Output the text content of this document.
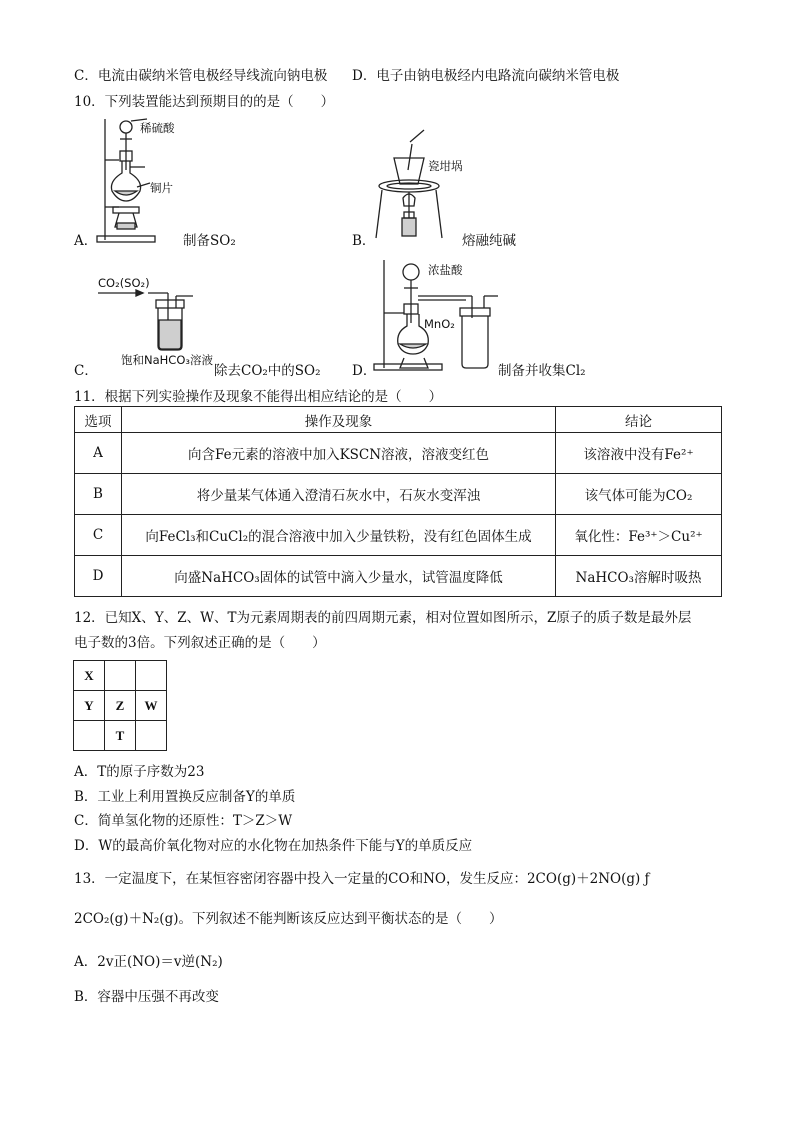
C．电流由碳纳米管电极经导线流向钠电极 D．电子由钠电极经内电路流向碳纳米管电极
10．下列装置能达到预期目的的是（　　）
稀硫酸
铜片
A．	制备SO₂
瓷坩埚
B．	熔融纯碱
CO₂(SO₂)
饱和NaHCO₃溶液
C．	除去CO₂中的SO₂
浓盐酸
MnO₂
D．	制备并收集Cl₂
11．根据下列实验操作及现象不能得出相应结论的是（　　）
选项	操作及现象	结论
A	向含Fe元素的溶液中加入KSCN溶液，溶液变红色	该溶液中没有Fe²⁺
B	将少量某气体通入澄清石灰水中，石灰水变浑浊	该气体可能为CO₂
C	向FeCl₃和CuCl₂的混合溶液中加入少量铁粉，没有红色固体生成	氧化性：Fe³⁺＞Cu²⁺
D	向盛NaHCO₃固体的试管中滴入少量水，试管温度降低	NaHCO₃溶解时吸热
12．已知X、Y、Z、W、T为元素周期表的前四周期元素，相对位置如图所示，Z原子的质子数是最外层
电子数的3倍。下列叙述正确的是（　　）
X		
Y	Z	W
	T	
A．T的原子序数为23
B．工业上利用置换反应制备Y的单质
C．简单氢化物的还原性：T＞Z＞W
D．W的最高价氧化物对应的水化物在加热条件下能与Y的单质反应
13．一定温度下，在某恒容密闭容器中投入一定量的CO和NO，发生反应：2CO(g)＋2NO(g) ƒ
2CO₂(g)＋N₂(g)。下列叙述不能判断该反应达到平衡状态的是（　　）
A．2v正(NO)＝v逆(N₂)
B．容器中压强不再改变
